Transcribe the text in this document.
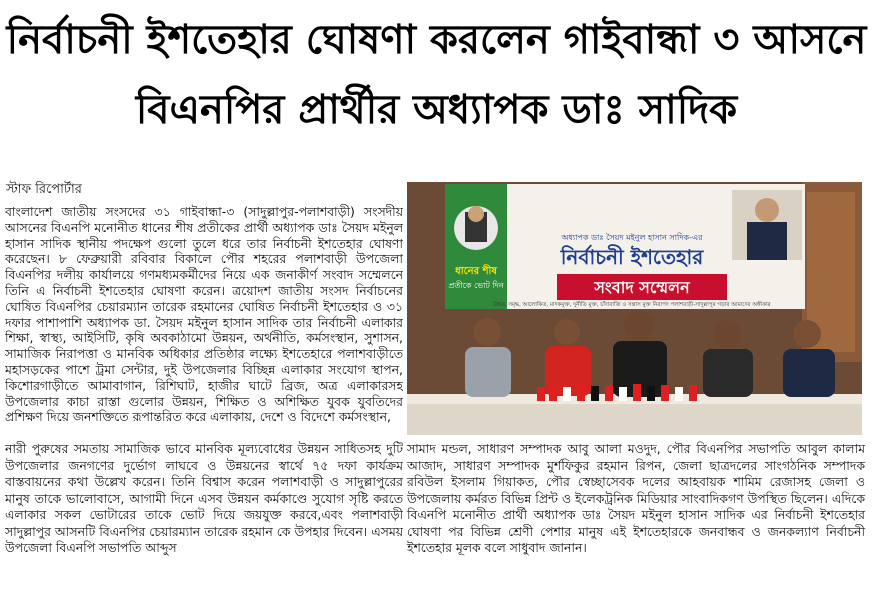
নির্বাচনী ইশতেহার ঘোষণা করলেন গাইবান্ধা ৩ আসনে
বিএনপির প্রার্থীর অধ্যাপক ডাঃ সাদিক
স্টাফ রিপোর্টার

বাংলাদেশ জাতীয় সংসদের ৩১ গাইবান্ধা-৩ (সাদুল্লাপুর-পলাশবাড়ী) সংসদীয় আসনের বিএনপি মনোনীত ধানের শীষ প্রতীকের প্রার্থী অধ্যাপক ডাঃ সৈয়দ মইনুল হাসান সাদিক স্থানীয় পদক্ষেপ গুলো তুলে ধরে তার নির্বাচনী ইশতেহার ঘোষণা করেছেন। ৮ ফেব্রুয়ারী রবিবার বিকালে পৌর শহরের পলাশবাড়ী উপজেলা বিএনপির দলীয় কার্যালয়ে গণমধ্যমকর্মীদের নিয়ে এক জনাকীর্ণ সংবাদ সম্মেলনে তিনি এ নির্বাচনী ইশতেহার ঘোষণা করেন। ত্রয়োদশ জাতীয় সংসদ নির্বাচনের ঘোষিত বিএনপির চেয়ারম্যান তারেক রহমানের ঘোষিত নির্বাচনী ইশতেহার ও ৩১ দফার পাশাপাশি অধ্যাপক ডা. সৈয়দ মইনুল হাসান সাদিক তার নির্বাচনী এলাকার শিক্ষা, স্বাস্থ্য, আইসিটি, কৃষি অবকাঠামো উন্নয়ন, অর্থনীতি, কর্মসংস্থান, সুশাসন, সামাজিক নিরাপত্তা ও মানবিক অধিকার প্রতিষ্ঠার লক্ষ্যে ইশতেহারে পলাশবাড়ীতে মহাসড়কের পাশে ট্রমা সেন্টার, দুই উপজেলার বিচ্ছিন্ন এলাকার সংযোগ স্থাপন, কিশোরগাড়ীতে আমাবাগান, রিশিঘাট, হাজীর ঘাটে ব্রিজ, অত্র এলাকারসহ উপজেলার কাচা রাস্তা গুলোর উন্নয়ন, শিক্ষিত ও অশিক্ষিত যুবক যুবতিদের প্রশিক্ষণ দিয়ে জনশক্তিতে রূপান্তরিত করে এলাকায়, দেশে ও বিদেশে কর্মসংস্থান,

নারী পুরুষের সমতায় সামাজিক ভাবে মানবিক মূল্যবোধের উন্নয়ন সাধিতসহ দুটি উপজেলার জনগণের দুর্ভোগ লাঘবে ও উন্নয়নের স্বার্থে ৭৫ দফা কার্যক্রম বাস্তবায়নের কথা উল্লেখ করেন। তিনি বিশ্বাস করেন পলাশবাড়ী ও সাদুল্লাপুরের মানুষ তাকে ভালোবাসে, আগামী দিনে এসব উন্নয়ন কর্মকাণ্ডে সুযোগ সৃষ্টি করতে এলাকার সকল ভোটারের তাকে ভোট দিয়ে জয়যুক্ত করবে,এবং পলাশবাড়ী সাদুল্লাপুর আসনটি বিএনপির চেয়ারম্যান তারেক রহমান কে উপহার দিবেন। এসময় উপজেলা বিএনপি সভাপতি আব্দুস

অধ্যাপক ডাঃ সৈয়দ মইনুল হাসান সাদিক-এর
নির্বাচনী ইশতেহার
সংবাদ সম্মেলন
উন্নত, সমৃদ্ধ, আলোকিত, মাদকমুক্ত, দুর্নীতি মুক্ত, চাঁদাবাজি ও সন্ত্রাস মুক্ত নিরাপদ পলাশবাড়ী-সাদুল্লাপুর গড়ার আমাদের অঙ্গীকার
ধানের শীষ
প্রতীকে ভোট দিন

সামাদ মন্ডল, সাধারণ সম্পাদক আবু আলা মওদুদ, পৌর বিএনপির সভাপতি আবুল কালাম আজাদ, সাধারণ সম্পাদক মুর্শফিকুর রহমান রিপন, জেলা ছাত্রদলের সাংগঠনিক সম্পাদক রবিউল ইসলাম গিয়াকত, পৌর স্বেচ্ছাসেবক দলের আহবায়ক শামিম রেজাসহ জেলা ও উপজেলায় কর্মরত বিভিন্ন প্রিন্ট ও ইলেকট্রনিক মিডিয়ার সাংবাদিকগণ উপস্থিত ছিলেন। এদিকে বিএনপি মনোনীত প্রার্থী অধ্যাপক ডাঃ সৈয়দ মইনুল হাসান সাদিক এর নির্বাচনী ইশতেহার ঘোষণা পর বিভিন্ন শ্রেণী পেশার মানুষ এই ইশতেহারকে জনবান্ধব ও জনকল্যাণ নির্বাচনী ইশতেহার মূলক বলে সাধুবাদ জানান।
